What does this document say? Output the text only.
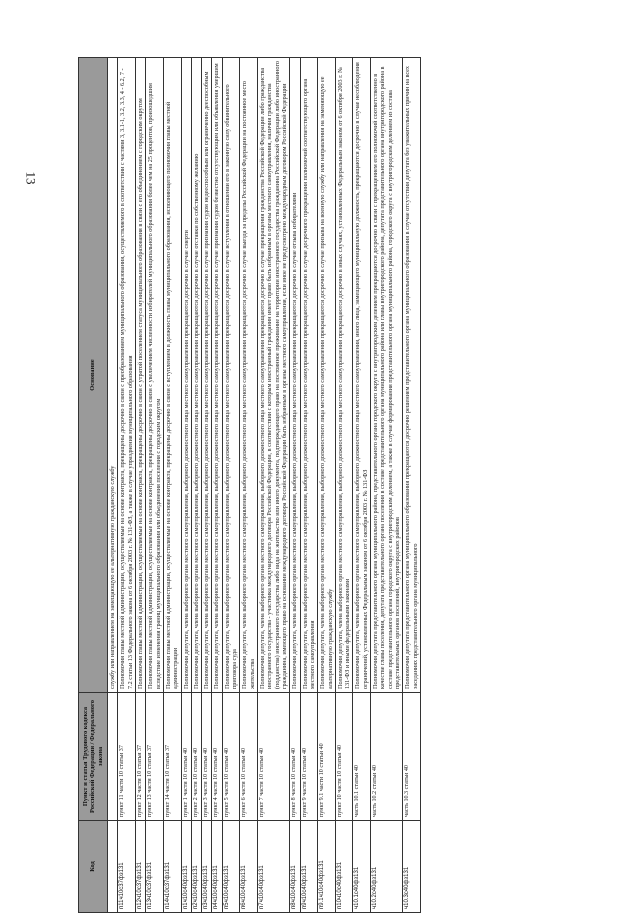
13
Код	Пункт и статья Трудового кодекса Российской Федерации / Федерального закона	Основание
		службу или направлением на замещающую ее альтернативную гражданскую службу
п11ч10с37фз131	пункт 11 части 10 статьи 37	Полномочия главы местной администрации, осуществляемые на основе контракта, прекращены досрочно в связи с преобразованием муниципального образования, осуществляемого в соответствии с частями 3, 3.1-1, 3.2, 3.3, 4 - 6.2, 7 - 7.2 статьи 13 Федерального закона от 6 октября 2003 г. № 131-ФЗ, а также в случае упразднения муниципального образования
п12ч10с37фз131	пункт 12 части 10 статьи 37	Полномочия главы местной администрации, осуществляемые на основе контракта, прекращены досрочно в связи с утратой поселением статуса муниципального образования в связи с его объединением с городским округом
п13ч10с37фз131	пункт 13 части 10 статьи 37	Полномочия главы местной администрации, осуществляемые на основе контракта, прекращены досрочно в связи с увеличением численности избирателей муниципального образования более чем на 25 процентов, произошедшим вследствие изменения границ муниципального образования или объединения поселения с городским округом
п14ч10с37фз131	пункт 14 части 10 статьи 37	Полномочия главы местной администрации, осуществляемые на основе контракта, прекращены досрочно в связи с вступлением в должность главы муниципального образования, исполняющего полномочия главы местной администрации
п1ч10с40фз131	пункт 1 части 10 статьи 40	Полномочия депутата, члена выборного органа местного самоуправления, выборного должностного лица местного самоуправления прекращаются досрочно в случае смерти
п2ч10с40фз131	пункт 2 части 10 статьи 40	Полномочия депутата, члена выборного органа местного самоуправления, выборного должностного лица местного самоуправления прекращаются досрочно в случае отставки по собственному желанию
п3ч10с40фз131	пункт 3 части 10 статьи 40	Полномочия депутата, члена выборного органа местного самоуправления, выборного должностного лица местного самоуправления прекращаются досрочно в случае признания судом недееспособным или ограниченно дееспособным
п4ч10с40фз131	пункт 4 части 10 статьи 40	Полномочия депутата, члена выборного органа местного самоуправления, выборного должностного лица местного самоуправления прекращаются досрочно в случае признания судом безвестно отсутствующим или объявления умершим
п5ч10с40фз131	пункт 5 части 10 статьи 40	Полномочия депутата, члена выборного органа местного самоуправления, выборного должностного лица местного самоуправления прекращаются досрочно в случае вступления в отношении его в законную силу обвинительного приговора суда
п6ч10с40фз131	пункт 6 части 10 статьи 40	Полномочия депутата, члена выборного органа местного самоуправления, выборного должностного лица местного самоуправления прекращаются досрочно в случае выезда за пределы Российской Федерации на постоянное место жительства
п7ч10с40фз131	пункт 7 части 10 статьи 40	Полномочия депутата, члена выборного органа местного самоуправления, выборного должностного лица местного самоуправления прекращаются досрочно в случае прекращения гражданства Российской Федерации либо гражданства иностранного государства - участника международного договора Российской Федерации, в соответствии с которым иностранный гражданин имеет право быть избранным в органы местного самоуправления, наличия гражданства (подданства) иностранного государства либо вида на жительство или иного документа, подтверждающего право на постоянное проживание на территории иностранного государства гражданина Российской Федерации либо иностранного гражданина, имеющего право на основании международного договора Российской Федерации быть избранным в органы местного самоуправления, если иное не предусмотрено международным договором Российской Федерации
п8ч10с40фз131	пункт 8 части 10 статьи 40	Полномочия депутата, члена выборного органа местного самоуправления, выборного должностного лица местного самоуправления прекращаются досрочно в случае отзыва избирателями
п9ч10с40фз131	пункт 9 части 10 статьи 40	Полномочия депутата, члена выборного органа местного самоуправления, выборного должностного лица местного самоуправления прекращаются досрочно в случае досрочного прекращения полномочий соответствующего органа местного самоуправления
п9.1ч10с40фз131	пункт 9.1 части 10 статьи 40	Полномочия депутата, члена выборного органа местного самоуправления, выборного должностного лица местного самоуправления прекращаются досрочно в случае призыва на военную службу или направления на заменяющую ее альтернативную гражданскую службу
п10ч10с40фз131	пункт 10 части 10 статьи 40	Полномочия депутата, члена выборного органа местного самоуправления, выборного должностного лица местного самоуправления прекращаются досрочно в иных случаях, установленных Федеральным законом от 6 октября 2003 г. № 131-ФЗ и иными федеральными законами
ч10.1с40фз131	часть 10.1 статьи 40	Полномочия депутата, члена выборного органа местного самоуправления, выборного должностного лица местного самоуправления, иного лица, замещающего муниципальную должность, прекращаются досрочно в случае несоблюдения ограничений, установленных Федеральным законом от 6 октября 2003 г. № 131-ФЗ
ч10.2с40фз131	часть 10.2 статьи 40	Полномочия депутата представительного органа муниципального района, представительного органа городского округа с внутригородским делением прекращаются досрочно в связи с прекращением его полномочий соответственно в качестве главы поселения, депутата представительного органа поселения в составе представительного органа муниципального района или главы внутригородского района, депутата представительного органа внутригородского района в составе представительного органа городского округа с внутригородским делением, а также в случае формирования представительного органа муниципального района, городского округа с внутригородским делением из состава представительных органов поселений, внутригородских районов
ч10.3с40фз131	часть 10.3 статьи 40	Полномочия депутата представительного органа муниципального образования прекращаются досрочно решением представительного органа муниципального образования в случае отсутствия депутата без уважительных причин на всех заседаниях представительного органа муниципального
